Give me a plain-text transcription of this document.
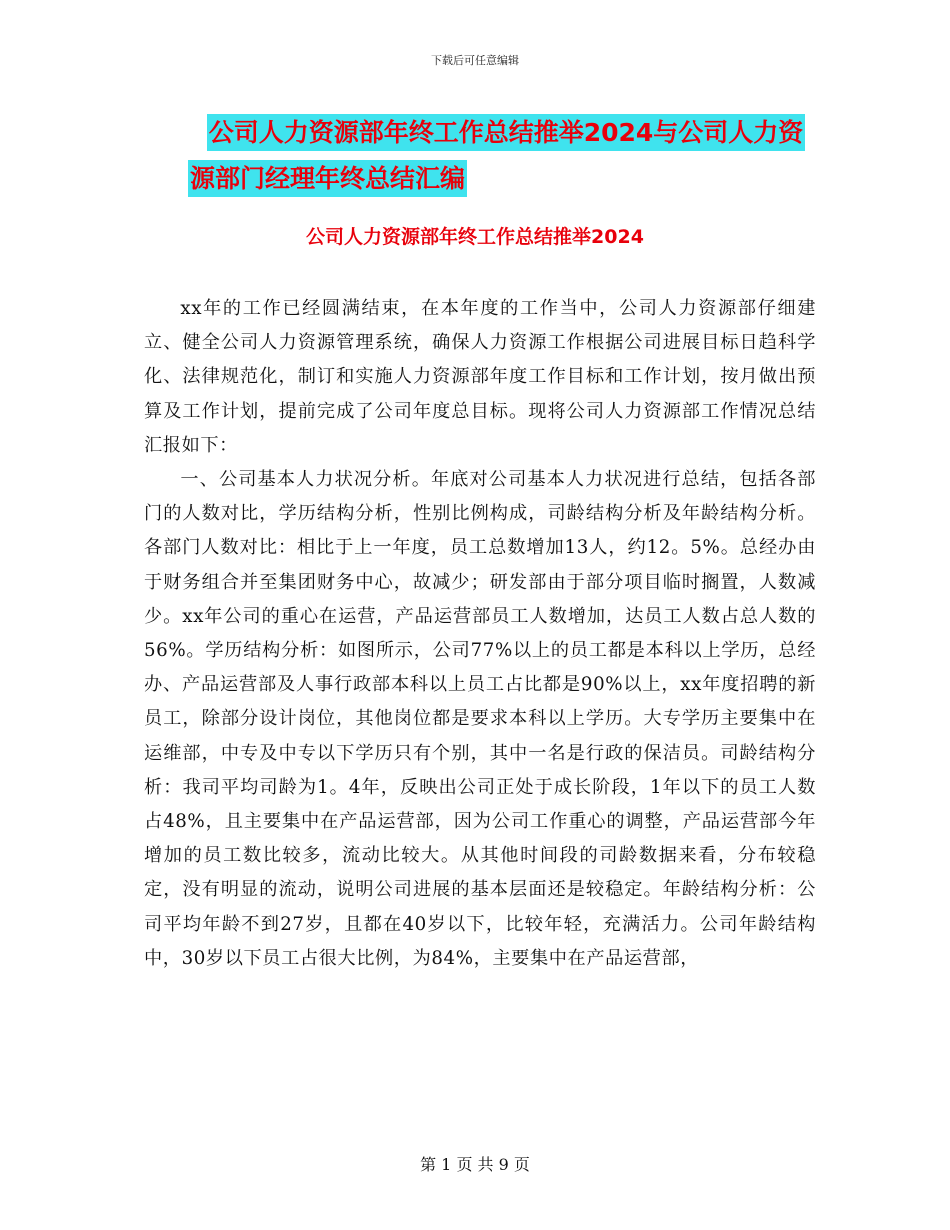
下载后可任意编辑
公司人力资源部年终工作总结推举2024与公司人力资
源部门经理年终总结汇编
公司人力资源部年终工作总结推举2024

xx年的工作已经圆满结束，在本年度的工作当中，公司人力资源部仔细建立、健全公司人力资源管理系统，确保人力资源工作根据公司进展目标日趋科学化、法律规范化，制订和实施人力资源部年度工作目标和工作计划，按月做出预算及工作计划，提前完成了公司年度总目标。现将公司人力资源部工作情况总结汇报如下：

一、公司基本人力状况分析。年底对公司基本人力状况进行总结，包括各部门的人数对比，学历结构分析，性别比例构成，司龄结构分析及年龄结构分析。各部门人数对比：相比于上一年度，员工总数增加13人，约12。5%。总经办由于财务组合并至集团财务中心，故减少；研发部由于部分项目临时搁置，人数减少。xx年公司的重心在运营，产品运营部员工人数增加，达员工人数占总人数的56%。学历结构分析：如图所示，公司77%以上的员工都是本科以上学历，总经办、产品运营部及人事行政部本科以上员工占比都是90%以上，xx年度招聘的新员工，除部分设计岗位，其他岗位都是要求本科以上学历。大专学历主要集中在运维部，中专及中专以下学历只有个别，其中一名是行政的保洁员。司龄结构分析：我司平均司龄为1。4年，反映出公司正处于成长阶段，1年以下的员工人数占48%，且主要集中在产品运营部，因为公司工作重心的调整，产品运营部今年增加的员工数比较多，流动比较大。从其他时间段的司龄数据来看，分布较稳定，没有明显的流动，说明公司进展的基本层面还是较稳定。年龄结构分析：公司平均年龄不到27岁，且都在40岁以下，比较年轻，充满活力。公司年龄结构中，30岁以下员工占很大比例，为84%，主要集中在产品运营部，

第 1 页 共 9 页
